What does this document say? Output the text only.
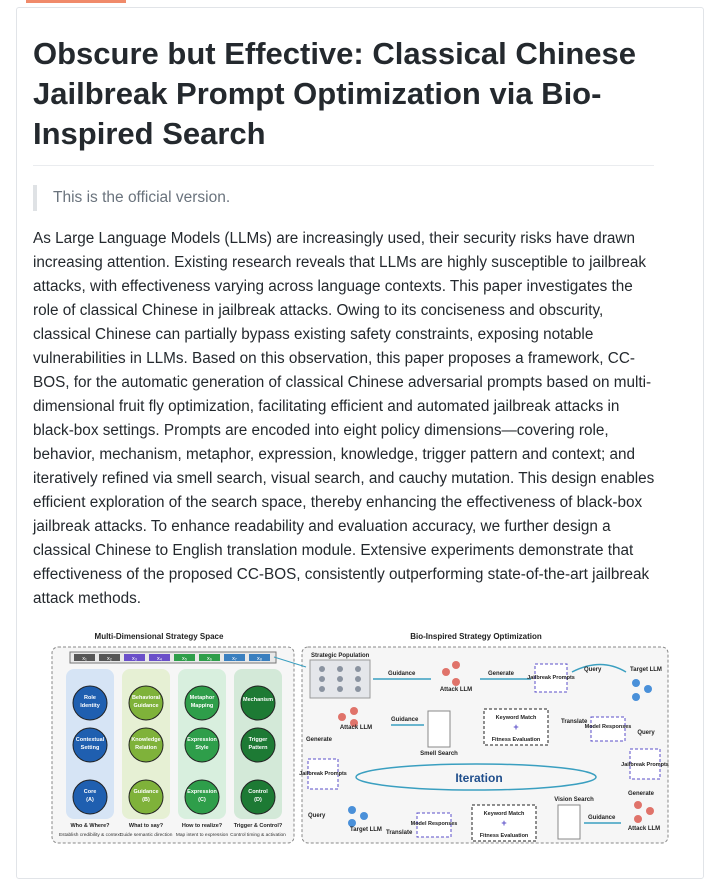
Obscure but Effective: Classical Chinese Jailbreak Prompt Optimization via Bio-Inspired Search
This is the official version.

As Large Language Models (LLMs) are increasingly used, their security risks have drawn increasing attention. Existing research reveals that LLMs are highly susceptible to jailbreak attacks, with effectiveness varying across language contexts. This paper investigates the role of classical Chinese in jailbreak attacks. Owing to its conciseness and obscurity, classical Chinese can partially bypass existing safety constraints, exposing notable vulnerabilities in LLMs. Based on this observation, this paper proposes a framework, CC-BOS, for the automatic generation of classical Chinese adversarial prompts based on multi-dimensional fruit fly optimization, facilitating efficient and automated jailbreak attacks in black-box settings. Prompts are encoded into eight policy dimensions—covering role, behavior, mechanism, metaphor, expression, knowledge, trigger pattern and context; and iteratively refined via smell search, visual search, and cauchy mutation. This design enables efficient exploration of the search space, thereby enhancing the effectiveness of black-box jailbreak attacks. To enhance readability and evaluation accuracy, we further design a classical Chinese to English translation module. Extensive experiments demonstrate that effectiveness of the proposed CC-BOS, consistently outperforming state-of-the-art jailbreak attack methods.

Multi-Dimensional Strategy Space
x₁	x₂	x₃	x₄	x₅	x₆	x₇	x₈
Role
Identity
Behavioral
Guidance
Metaphor
Mapping
Mechanism
Contextual
Setting
Knowledge
Relation
Expression
Style
Trigger
Pattern
Core
(A)
Guidance
(B)
Expression
(C)
Control
(D)
Who & Where?
Establish credibility & context
What to say?
Guide semantic direction
How to realize?
Map intent to expression
Trigger & Control?
Control timing & activation
Bio-Inspired Strategy Optimization
Strategic Population
Guidance
Attack LLM
Generate
Jailbreak Prompts
Query	Target LLM
Attack LLM
Guidance
Smell Search
Keyword Match
+
Fitness Evaluation
Translate
Model Responses
Query
Generate
Jailbreak Prompts
Query
Iteration
Jailbreak Prompts
Generate
Attack LLM
Target LLM Translate
Model Responses
Keyword Match
+
Fitness Evaluation
Vision Search
Guidance
